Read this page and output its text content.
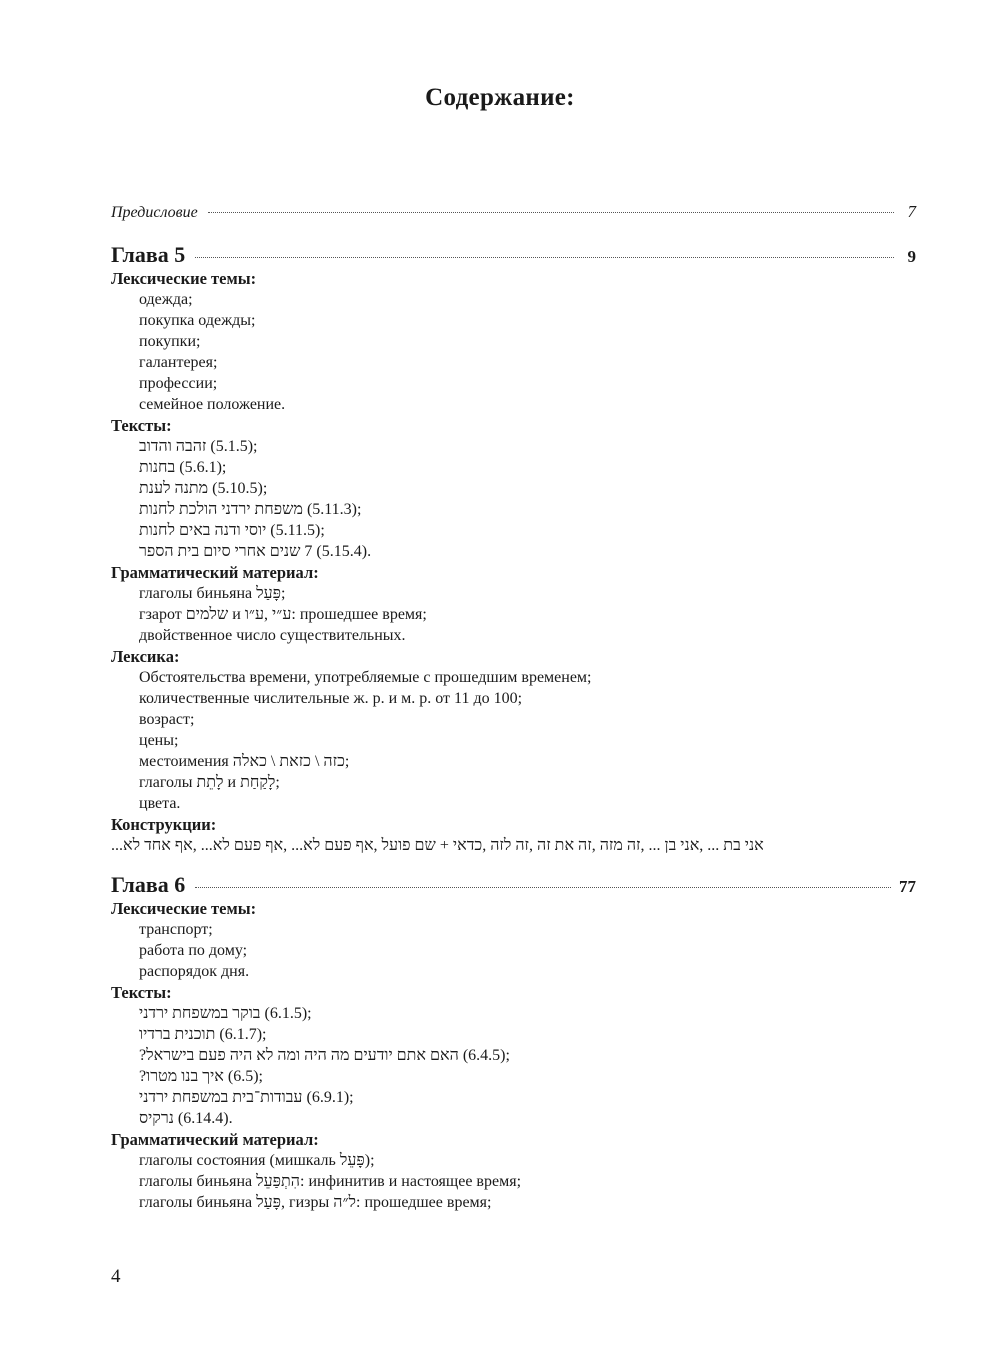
Содержание:
Предисловие	7
Глава 5	9
Лексические темы:
одежда;
покупка одежды;
покупки;
галантерея;
профессии;
семейное положение.
Тексты:
זהבה והדוב (5.1.5);
בחנות (5.6.1);
מתנה לענת (5.10.5);
משפחת ירדני הולכת לחנות (5.11.3);
יוסי ודנה באים לחנות (5.11.5);
7 שנים אחרי סיום בית הספר (5.15.4).
Грамматический материал:
глаголы биньяна פָּעַל;
гзарот שלמים и ע״י ,ע״ו: прошедшее время;
двойственное число существительных.
Лексика:
Обстоятельства времени, употребляемые с прошедшим временем;
количественные числительные ж. р. и м. р. от 11 до 100;
возраст;
цены;
местоимения כזה \ כזאת \ כאלה;
глаголы לָתֵת и לָקַחַת;
цвета.
Конструкции:
אני בת ... ,אני בן ... ,זה מזה ,זה את זה ,זה לזה ,כדאי + שם פועל ,אף פעם לא... ,אף פעם לא... ,אף אחד לא...
Глава 6	77
Лексические темы:
транспорт;
работа по дому;
распорядок дня.
Тексты:
בוקר במשפחת ירדני (6.1.5);
תוכנית ברדיו (6.1.7);
האם אתם יודעים מה היה ומה לא היה פעם בישראל? (6.4.5);
איך בנו מטרו? (6.5);
עבודות־בית במשפחת ירדני (6.9.1);
נרקיס (6.14.4).
Грамматический материал:
глаголы состояния (мишкаль פָּעֵל);
глаголы биньяна הִתְפַּעֵל: инфинитив и настоящее время;
глаголы биньяна פָּעַל, гизры ל״ה: прошедшее время;
4
